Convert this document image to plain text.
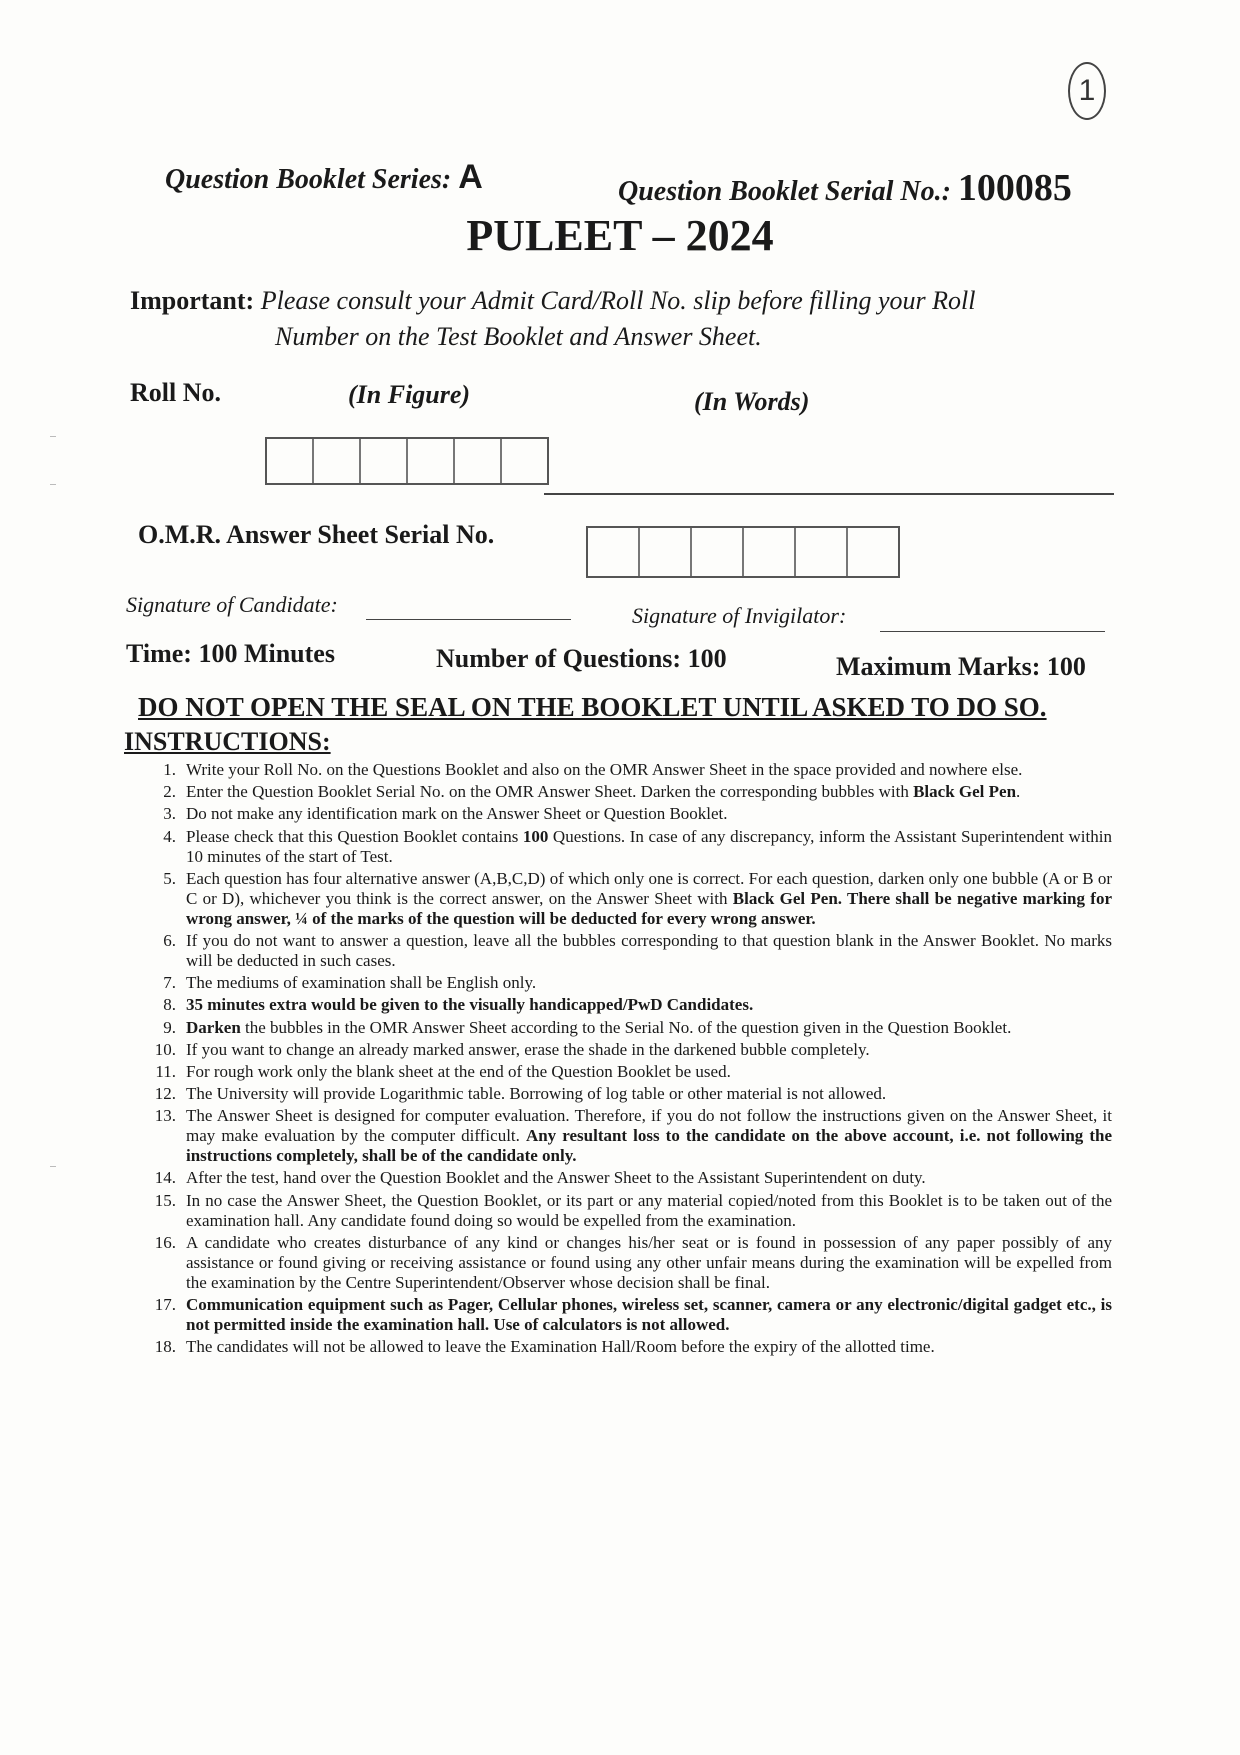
1
Question Booklet Series: A	Question Booklet Serial No.: 100085
PULEET – 2024
Important: Please consult your Admit Card/Roll No. slip before filling your Roll
Number on the Test Booklet and Answer Sheet.
Roll No.	(In Figure)	(In Words)
O.M.R. Answer Sheet Serial No.
Signature of Candidate:	Signature of Invigilator:
Time: 100 Minutes	Number of Questions: 100	Maximum Marks: 100
DO NOT OPEN THE SEAL ON THE BOOKLET UNTIL ASKED TO DO SO.
INSTRUCTIONS:
1. Write your Roll No. on the Questions Booklet and also on the OMR Answer Sheet in the space provided and nowhere else.
2. Enter the Question Booklet Serial No. on the OMR Answer Sheet. Darken the corresponding bubbles with Black Gel Pen.
3. Do not make any identification mark on the Answer Sheet or Question Booklet.
4. Please check that this Question Booklet contains 100 Questions. In case of any discrepancy, inform the Assistant Superintendent within 10 minutes of the start of Test.
5. Each question has four alternative answer (A,B,C,D) of which only one is correct. For each question, darken only one bubble (A or B or C or D), whichever you think is the correct answer, on the Answer Sheet with Black Gel Pen. There shall be negative marking for wrong answer, ¼ of the marks of the question will be deducted for every wrong answer.
6. If you do not want to answer a question, leave all the bubbles corresponding to that question blank in the Answer Booklet. No marks will be deducted in such cases.
7. The mediums of examination shall be English only.
8. 35 minutes extra would be given to the visually handicapped/PwD Candidates.
9. Darken the bubbles in the OMR Answer Sheet according to the Serial No. of the question given in the Question Booklet.
10. If you want to change an already marked answer, erase the shade in the darkened bubble completely.
11. For rough work only the blank sheet at the end of the Question Booklet be used.
12. The University will provide Logarithmic table. Borrowing of log table or other material is not allowed.
13. The Answer Sheet is designed for computer evaluation. Therefore, if you do not follow the instructions given on the Answer Sheet, it may make evaluation by the computer difficult. Any resultant loss to the candidate on the above account, i.e. not following the instructions completely, shall be of the candidate only.
14. After the test, hand over the Question Booklet and the Answer Sheet to the Assistant Superintendent on duty.
15. In no case the Answer Sheet, the Question Booklet, or its part or any material copied/noted from this Booklet is to be taken out of the examination hall. Any candidate found doing so would be expelled from the examination.
16. A candidate who creates disturbance of any kind or changes his/her seat or is found in possession of any paper possibly of any assistance or found giving or receiving assistance or found using any other unfair means during the examination will be expelled from the examination by the Centre Superintendent/Observer whose decision shall be final.
17. Communication equipment such as Pager, Cellular phones, wireless set, scanner, camera or any electronic/digital gadget etc., is not permitted inside the examination hall. Use of calculators is not allowed.
18. The candidates will not be allowed to leave the Examination Hall/Room before the expiry of the allotted time.
